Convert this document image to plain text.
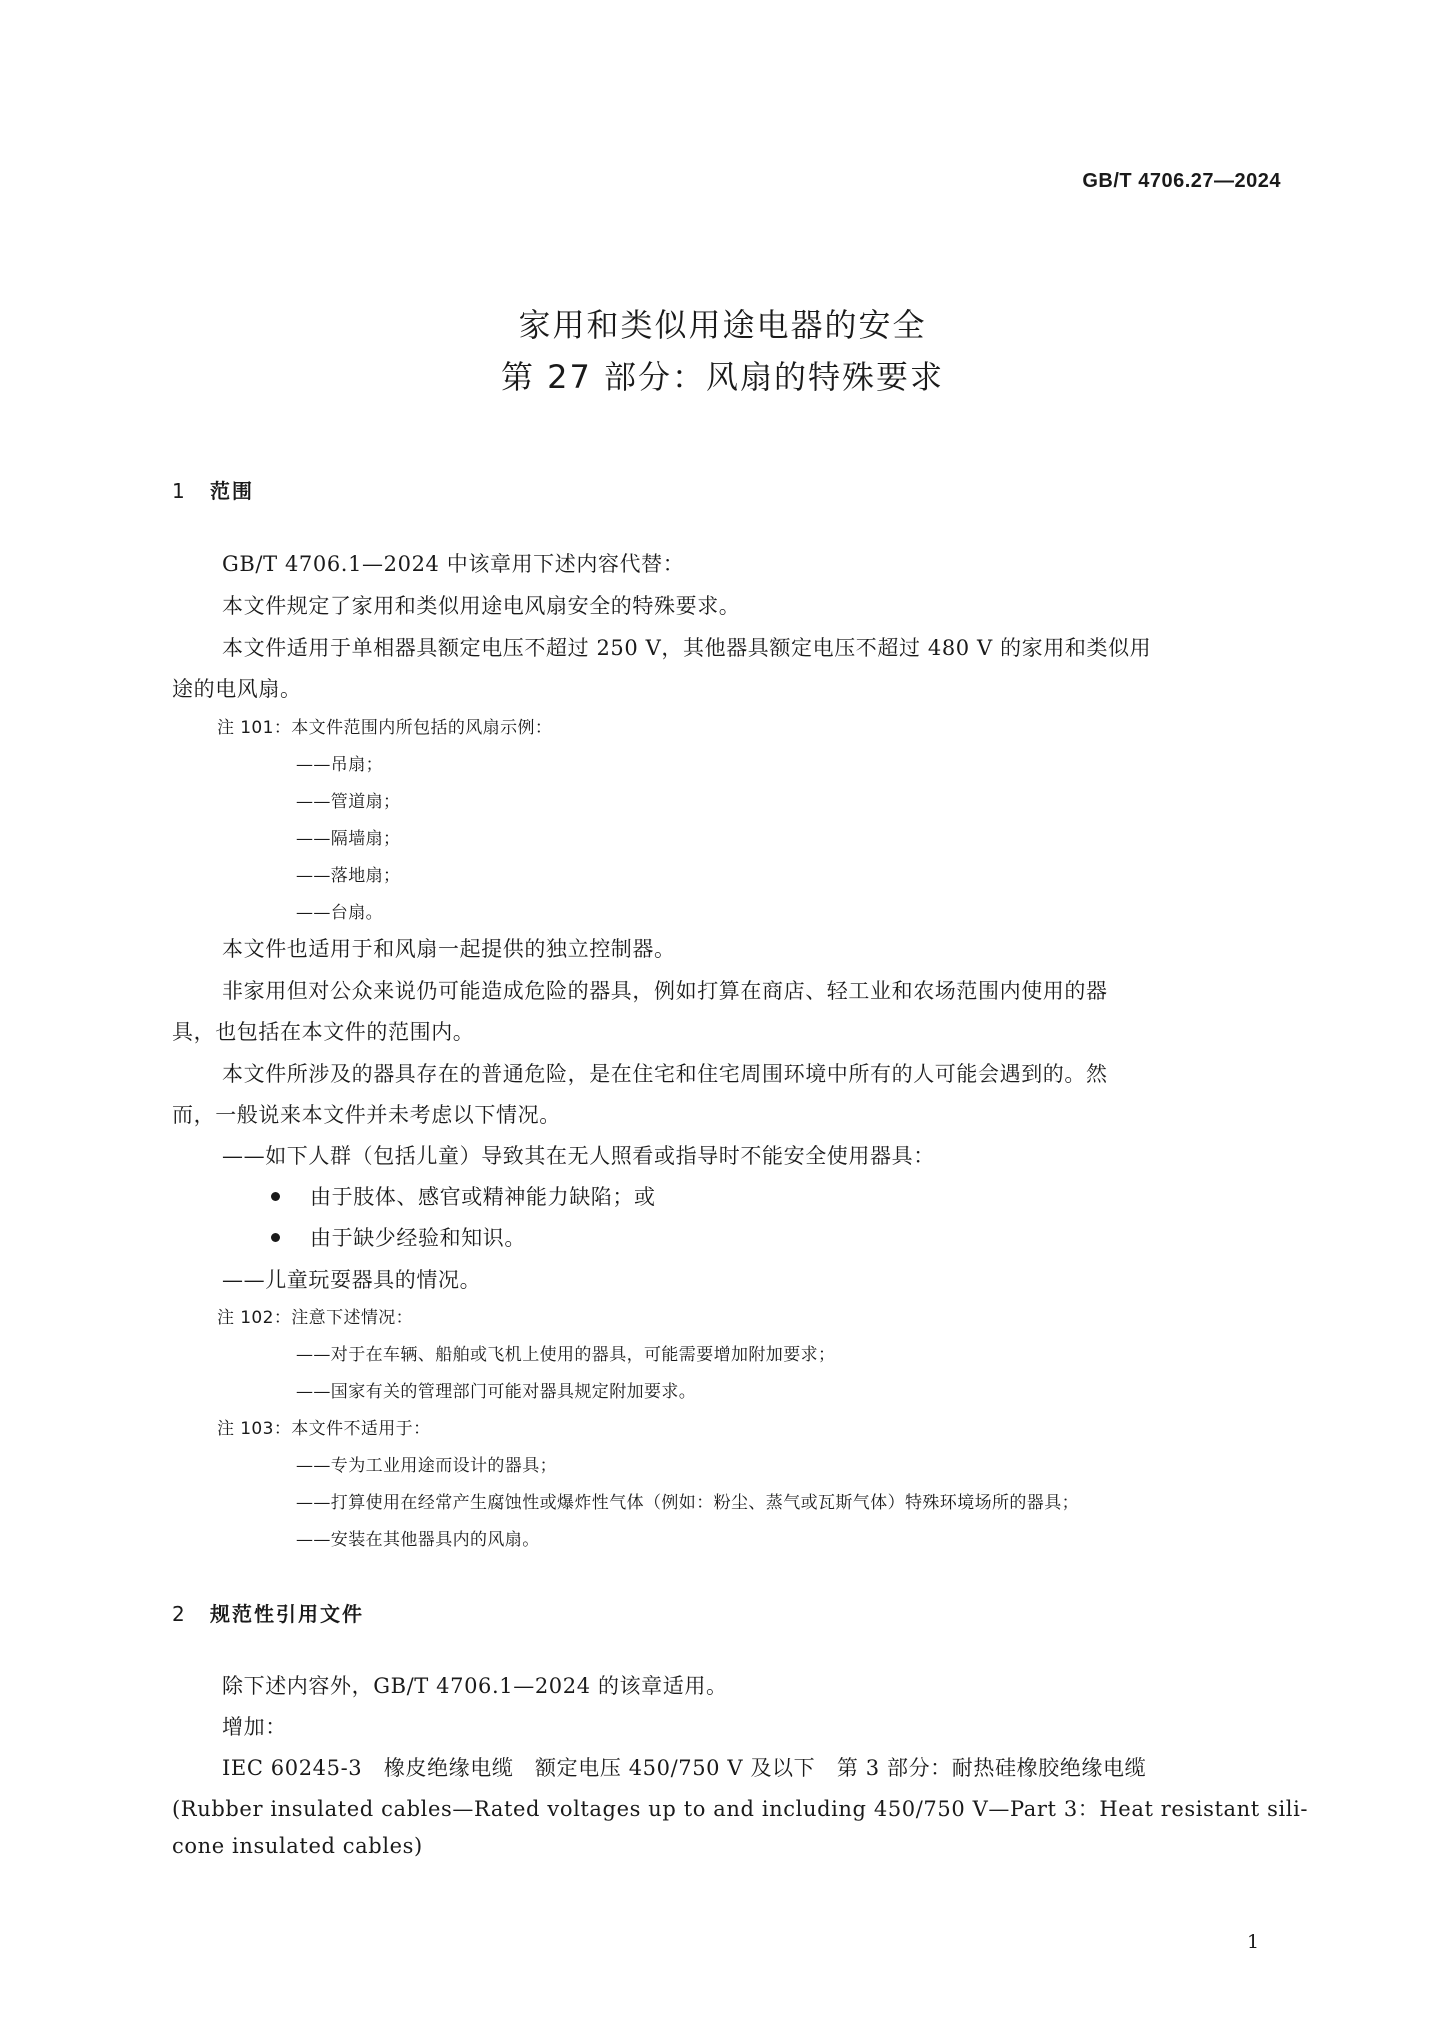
GB/T 4706.27—2024
家用和类似用途电器的安全
第 27 部分：风扇的特殊要求
1 范围
GB/T 4706.1—2024 中该章用下述内容代替：
本文件规定了家用和类似用途电风扇安全的特殊要求。
本文件适用于单相器具额定电压不超过 250 V，其他器具额定电压不超过 480 V 的家用和类似用
途的电风扇。
注 101：本文件范围内所包括的风扇示例：
——吊扇；
——管道扇；
——隔墙扇；
——落地扇；
——台扇。
本文件也适用于和风扇一起提供的独立控制器。
非家用但对公众来说仍可能造成危险的器具，例如打算在商店、轻工业和农场范围内使用的器
具，也包括在本文件的范围内。
本文件所涉及的器具存在的普通危险，是在住宅和住宅周围环境中所有的人可能会遇到的。然
而，一般说来本文件并未考虑以下情况。
——如下人群（包括儿童）导致其在无人照看或指导时不能安全使用器具：
由于肢体、感官或精神能力缺陷；或
由于缺少经验和知识。
——儿童玩耍器具的情况。
注 102：注意下述情况：
——对于在车辆、船舶或飞机上使用的器具，可能需要增加附加要求；
——国家有关的管理部门可能对器具规定附加要求。
注 103：本文件不适用于：
——专为工业用途而设计的器具；
——打算使用在经常产生腐蚀性或爆炸性气体（例如：粉尘、蒸气或瓦斯气体）特殊环境场所的器具；
——安装在其他器具内的风扇。
2 规范性引用文件
除下述内容外，GB/T 4706.1—2024 的该章适用。
增加：
IEC 60245-3　橡皮绝缘电缆　额定电压 450/750 V 及以下　第 3 部分：耐热硅橡胶绝缘电缆
(Rubber insulated cables—Rated voltages up to and including 450/750 V—Part 3：Heat resistant sili-
cone insulated cables)
1
